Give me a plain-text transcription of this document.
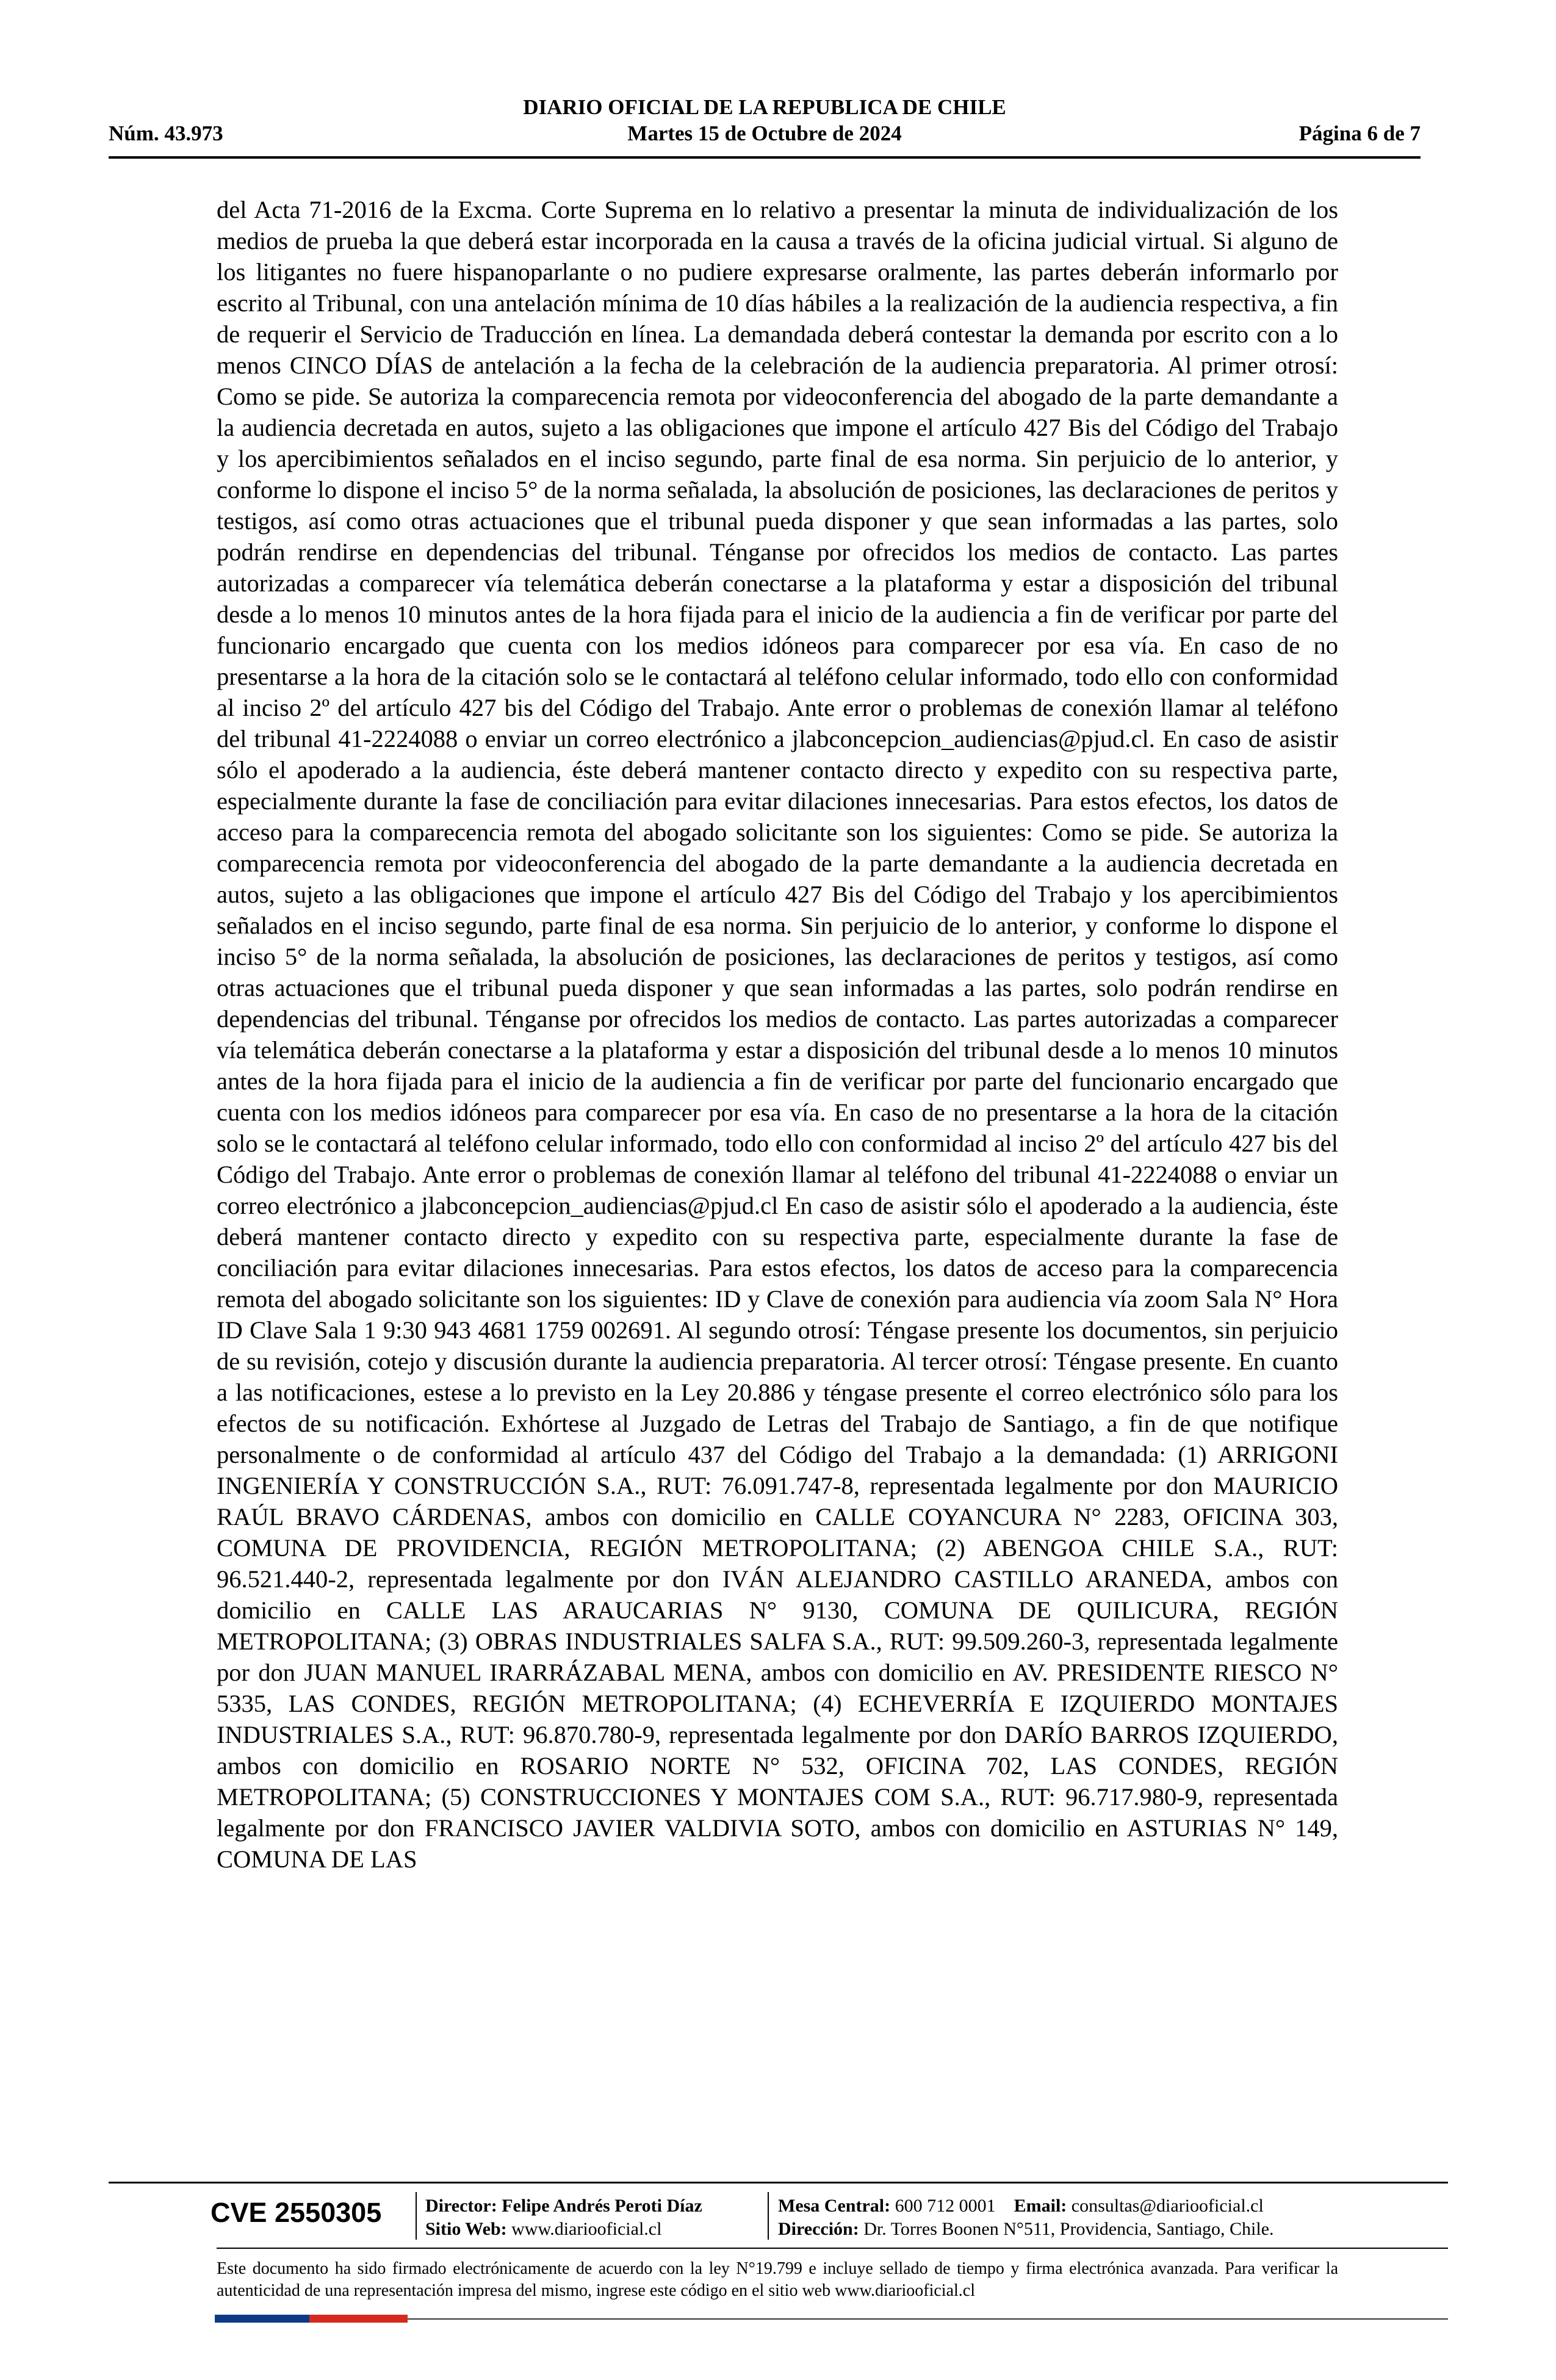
DIARIO OFICIAL DE LA REPUBLICA DE CHILE
Núm. 43.973	Martes 15 de Octubre de 2024	Página 6 de 7

del Acta 71-2016 de la Excma. Corte Suprema en lo relativo a presentar la minuta de individualización de los medios de prueba la que deberá estar incorporada en la causa a través de la oficina judicial virtual. Si alguno de los litigantes no fuere hispanoparlante o no pudiere expresarse oralmente, las partes deberán informarlo por escrito al Tribunal, con una antelación mínima de 10 días hábiles a la realización de la audiencia respectiva, a fin de requerir el Servicio de Traducción en línea. La demandada deberá contestar la demanda por escrito con a lo menos CINCO DÍAS de antelación a la fecha de la celebración de la audiencia preparatoria. Al primer otrosí: Como se pide. Se autoriza la comparecencia remota por videoconferencia del abogado de la parte demandante a la audiencia decretada en autos, sujeto a las obligaciones que impone el artículo 427 Bis del Código del Trabajo y los apercibimientos señalados en el inciso segundo, parte final de esa norma. Sin perjuicio de lo anterior, y conforme lo dispone el inciso 5° de la norma señalada, la absolución de posiciones, las declaraciones de peritos y testigos, así como otras actuaciones que el tribunal pueda disponer y que sean informadas a las partes, solo podrán rendirse en dependencias del tribunal. Ténganse por ofrecidos los medios de contacto. Las partes autorizadas a comparecer vía telemática deberán conectarse a la plataforma y estar a disposición del tribunal desde a lo menos 10 minutos antes de la hora fijada para el inicio de la audiencia a fin de verificar por parte del funcionario encargado que cuenta con los medios idóneos para comparecer por esa vía. En caso de no presentarse a la hora de la citación solo se le contactará al teléfono celular informado, todo ello con conformidad al inciso 2º del artículo 427 bis del Código del Trabajo. Ante error o problemas de conexión llamar al teléfono del tribunal 41-2224088 o enviar un correo electrónico a jlabconcepcion_audiencias@pjud.cl. En caso de asistir sólo el apoderado a la audiencia, éste deberá mantener contacto directo y expedito con su respectiva parte, especialmente durante la fase de conciliación para evitar dilaciones innecesarias. Para estos efectos, los datos de acceso para la comparecencia remota del abogado solicitante son los siguientes: Como se pide. Se autoriza la comparecencia remota por videoconferencia del abogado de la parte demandante a la audiencia decretada en autos, sujeto a las obligaciones que impone el artículo 427 Bis del Código del Trabajo y los apercibimientos señalados en el inciso segundo, parte final de esa norma. Sin perjuicio de lo anterior, y conforme lo dispone el inciso 5° de la norma señalada, la absolución de posiciones, las declaraciones de peritos y testigos, así como otras actuaciones que el tribunal pueda disponer y que sean informadas a las partes, solo podrán rendirse en dependencias del tribunal. Ténganse por ofrecidos los medios de contacto. Las partes autorizadas a comparecer vía telemática deberán conectarse a la plataforma y estar a disposición del tribunal desde a lo menos 10 minutos antes de la hora fijada para el inicio de la audiencia a fin de verificar por parte del funcionario encargado que cuenta con los medios idóneos para comparecer por esa vía. En caso de no presentarse a la hora de la citación solo se le contactará al teléfono celular informado, todo ello con conformidad al inciso 2º del artículo 427 bis del Código del Trabajo. Ante error o problemas de conexión llamar al teléfono del tribunal 41-2224088 o enviar un correo electrónico a jlabconcepcion_audiencias@pjud.cl En caso de asistir sólo el apoderado a la audiencia, éste deberá mantener contacto directo y expedito con su respectiva parte, especialmente durante la fase de conciliación para evitar dilaciones innecesarias. Para estos efectos, los datos de acceso para la comparecencia remota del abogado solicitante son los siguientes: ID y Clave de conexión para audiencia vía zoom Sala N° Hora ID Clave Sala 1 9:30 943 4681 1759 002691. Al segundo otrosí: Téngase presente los documentos, sin perjuicio de su revisión, cotejo y discusión durante la audiencia preparatoria. Al tercer otrosí: Téngase presente. En cuanto a las notificaciones, estese a lo previsto en la Ley 20.886 y téngase presente el correo electrónico sólo para los efectos de su notificación. Exhórtese al Juzgado de Letras del Trabajo de Santiago, a fin de que notifique personalmente o de conformidad al artículo 437 del Código del Trabajo a la demandada: (1) ARRIGONI INGENIERÍA Y CONSTRUCCIÓN S.A., RUT: 76.091.747-8, representada legalmente por don MAURICIO RAÚL BRAVO CÁRDENAS, ambos con domicilio en CALLE COYANCURA N° 2283, OFICINA 303, COMUNA DE PROVIDENCIA, REGIÓN METROPOLITANA; (2) ABENGOA CHILE S.A., RUT: 96.521.440-2, representada legalmente por don IVÁN ALEJANDRO CASTILLO ARANEDA, ambos con domicilio en CALLE LAS ARAUCARIAS N° 9130, COMUNA DE QUILICURA, REGIÓN METROPOLITANA; (3) OBRAS INDUSTRIALES SALFA S.A., RUT: 99.509.260-3, representada legalmente por don JUAN MANUEL IRARRÁZABAL MENA, ambos con domicilio en AV. PRESIDENTE RIESCO N° 5335, LAS CONDES, REGIÓN METROPOLITANA; (4) ECHEVERRÍA E IZQUIERDO MONTAJES INDUSTRIALES S.A., RUT: 96.870.780-9, representada legalmente por don DARÍO BARROS IZQUIERDO, ambos con domicilio en ROSARIO NORTE N° 532, OFICINA 702, LAS CONDES, REGIÓN METROPOLITANA; (5) CONSTRUCCIONES Y MONTAJES COM S.A., RUT: 96.717.980-9, representada legalmente por don FRANCISCO JAVIER VALDIVIA SOTO, ambos con domicilio en ASTURIAS N° 149, COMUNA DE LAS

CVE 2550305	Director: Felipe Andrés Peroti Díaz
Sitio Web: www.diariooficial.cl
Mesa Central: 600 712 0001 Email: consultas@diariooficial.cl
Dirección: Dr. Torres Boonen N°511, Providencia, Santiago, Chile.
Este documento ha sido firmado electrónicamente de acuerdo con la ley N°19.799 e incluye sellado de tiempo y firma electrónica avanzada. Para verificar la autenticidad de una representación impresa del mismo, ingrese este código en el sitio web www.diariooficial.cl
